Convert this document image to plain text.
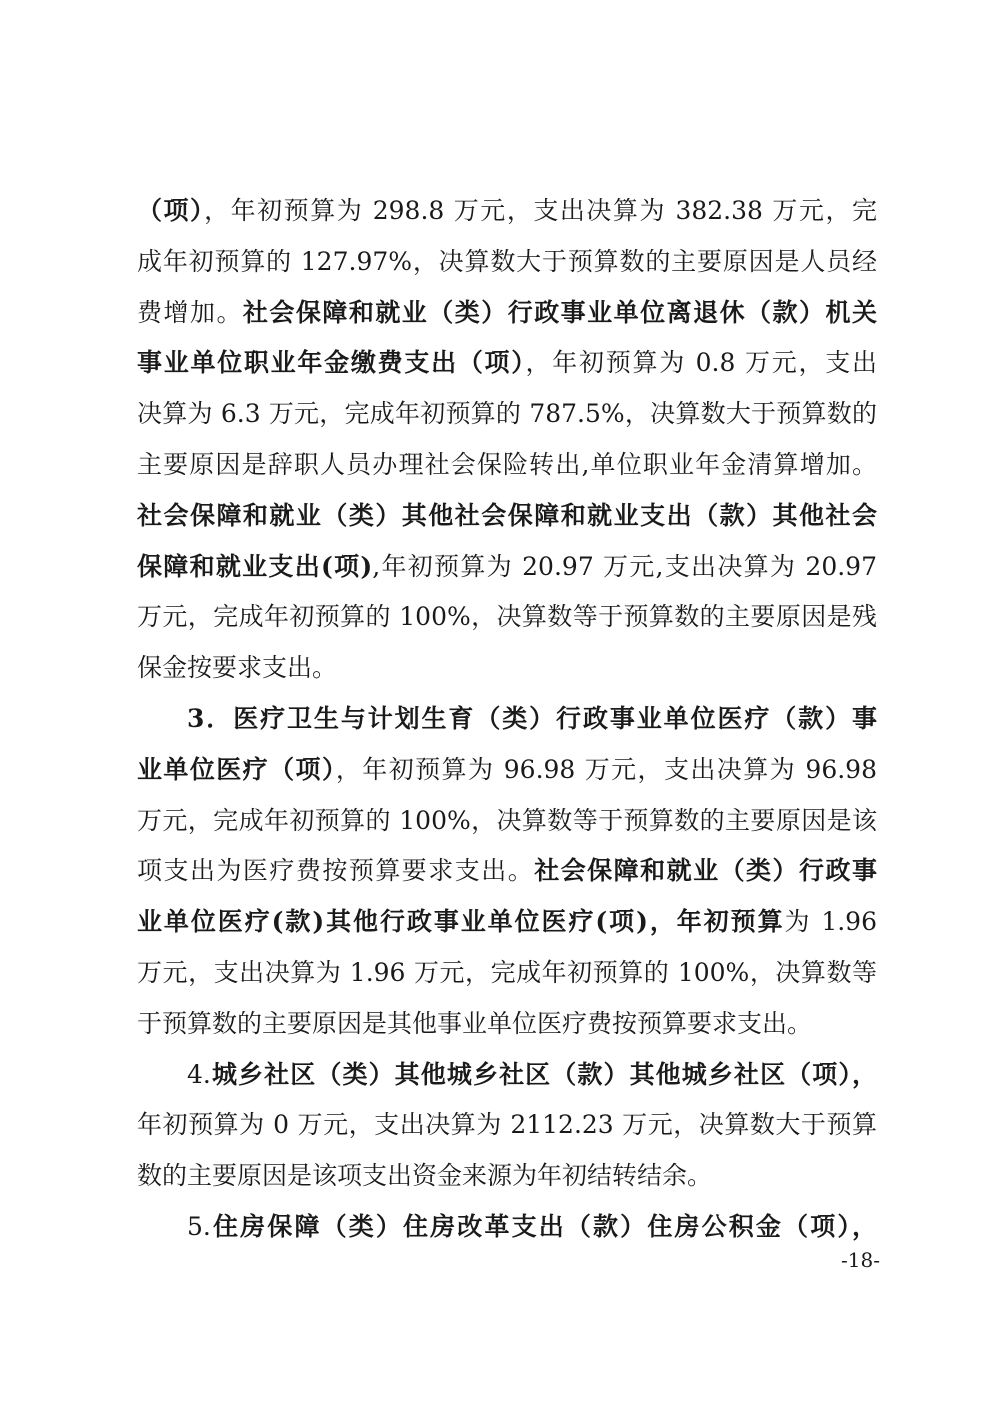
（项），年初预算为 298.8 万元，支出决算为 382.38 万元，完
成年初预算的 127.97%，决算数大于预算数的主要原因是人员经
费增加。社会保障和就业（类）行政事业单位离退休（款）机关
事业单位职业年金缴费支出（项），年初预算为 0.8 万元，支出
决算为 6.3 万元，完成年初预算的 787.5%，决算数大于预算数的
主要原因是辞职人员办理社会保险转出,单位职业年金清算增加。
社会保障和就业（类）其他社会保障和就业支出（款）其他社会
保障和就业支出(项),年初预算为 20.97 万元,支出决算为 20.97
万元，完成年初预算的 100%，决算数等于预算数的主要原因是残
保金按要求支出。
3．医疗卫生与计划生育（类）行政事业单位医疗（款）事
业单位医疗（项），年初预算为 96.98 万元，支出决算为 96.98
万元，完成年初预算的 100%，决算数等于预算数的主要原因是该
项支出为医疗费按预算要求支出。社会保障和就业（类）行政事
业单位医疗(款)其他行政事业单位医疗(项)，年初预算为 1.96
万元，支出决算为 1.96 万元，完成年初预算的 100%，决算数等
于预算数的主要原因是其他事业单位医疗费按预算要求支出。
4.城乡社区（类）其他城乡社区（款）其他城乡社区（项），
年初预算为 0 万元，支出决算为 2112.23 万元，决算数大于预算
数的主要原因是该项支出资金来源为年初结转结余。
5.住房保障（类）住房改革支出（款）住房公积金（项），
-18-
